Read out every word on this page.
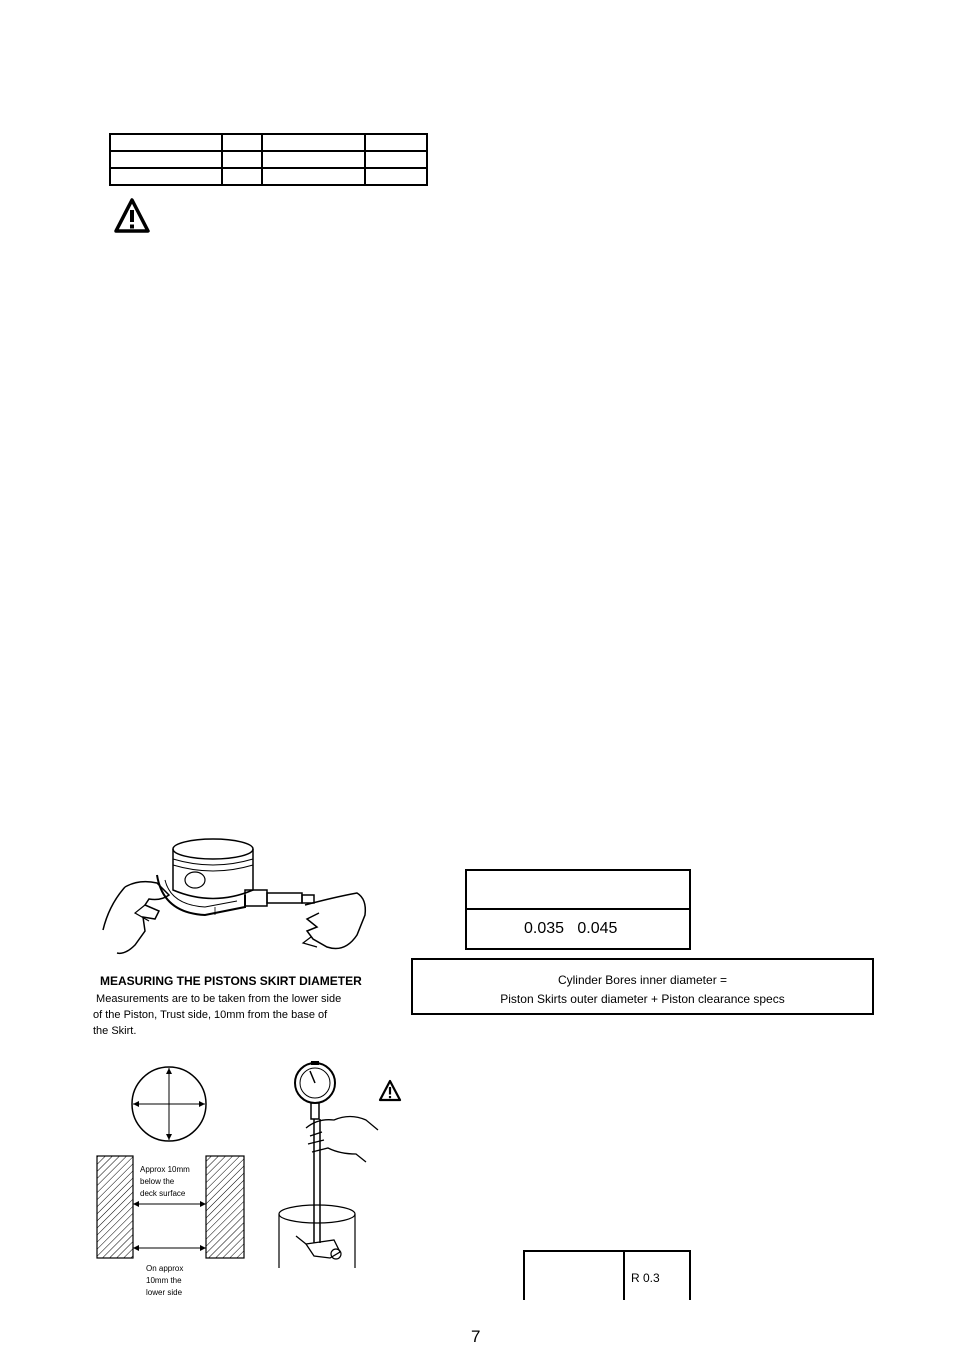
MEASURING THE PISTONS SKIRT DIAMETER
Measurements are to be taken from the lower side
of the Piston, Trust side, 10mm from the base of
the Skirt.
0.035   0.045
Cylinder Bores inner diameter =
Piston Skirts outer diameter + Piston clearance specs
Approx 10mm
below the
deck surface
On approx
10mm the
lower side
R 0.3
7
